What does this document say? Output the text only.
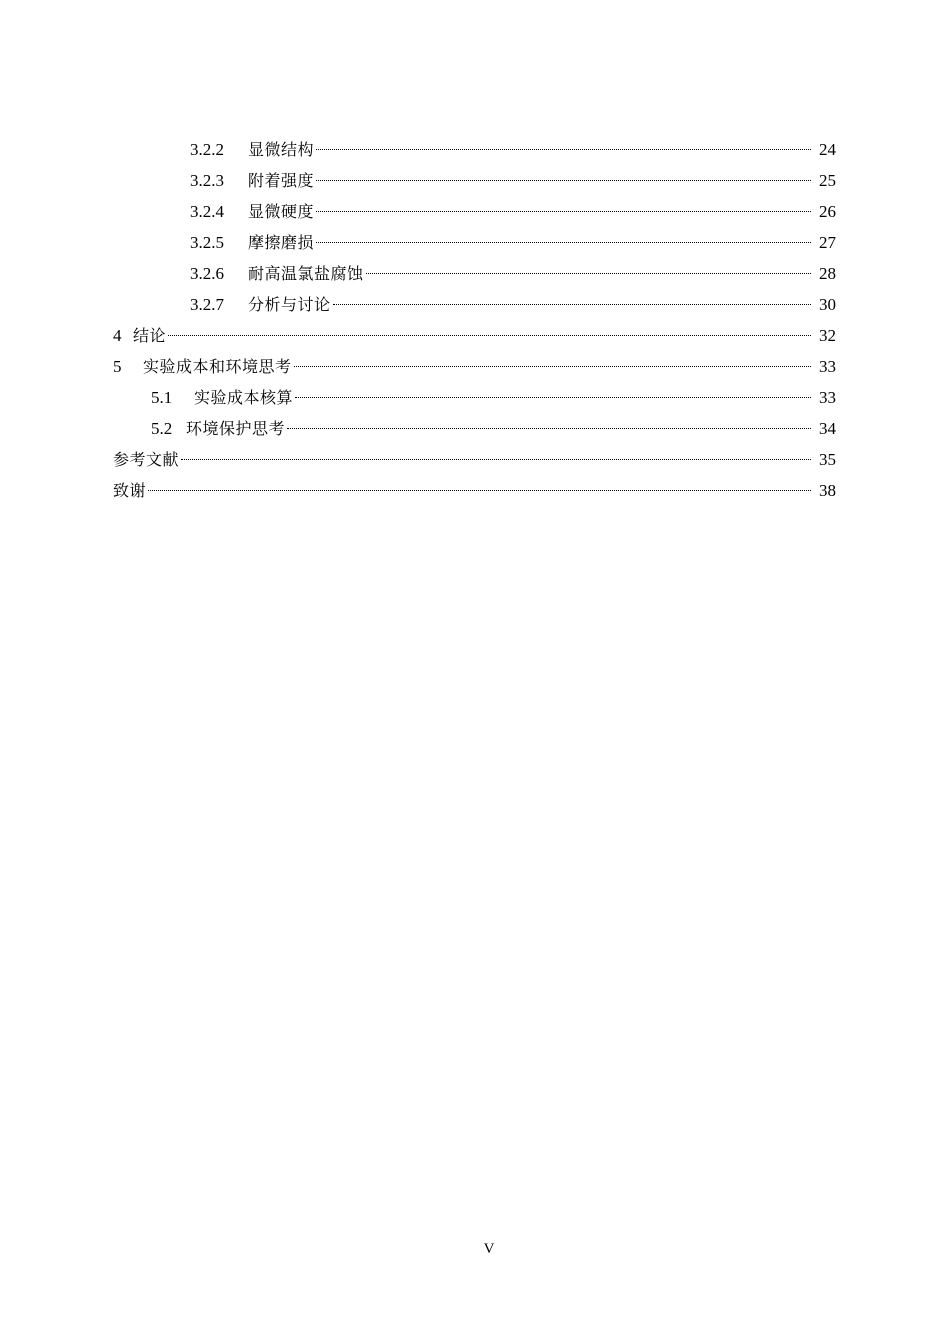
3.2.2	显微结构	24
3.2.3	附着强度	25
3.2.4	显微硬度	26
3.2.5	摩擦磨损	27
3.2.6	耐高温氯盐腐蚀	28
3.2.7	分析与讨论	30
4 结论	32
5	实验成本和环境思考	33
5.1	实验成本核算	33
5.2 环境保护思考	34
参考文献	35
致谢	38
V
